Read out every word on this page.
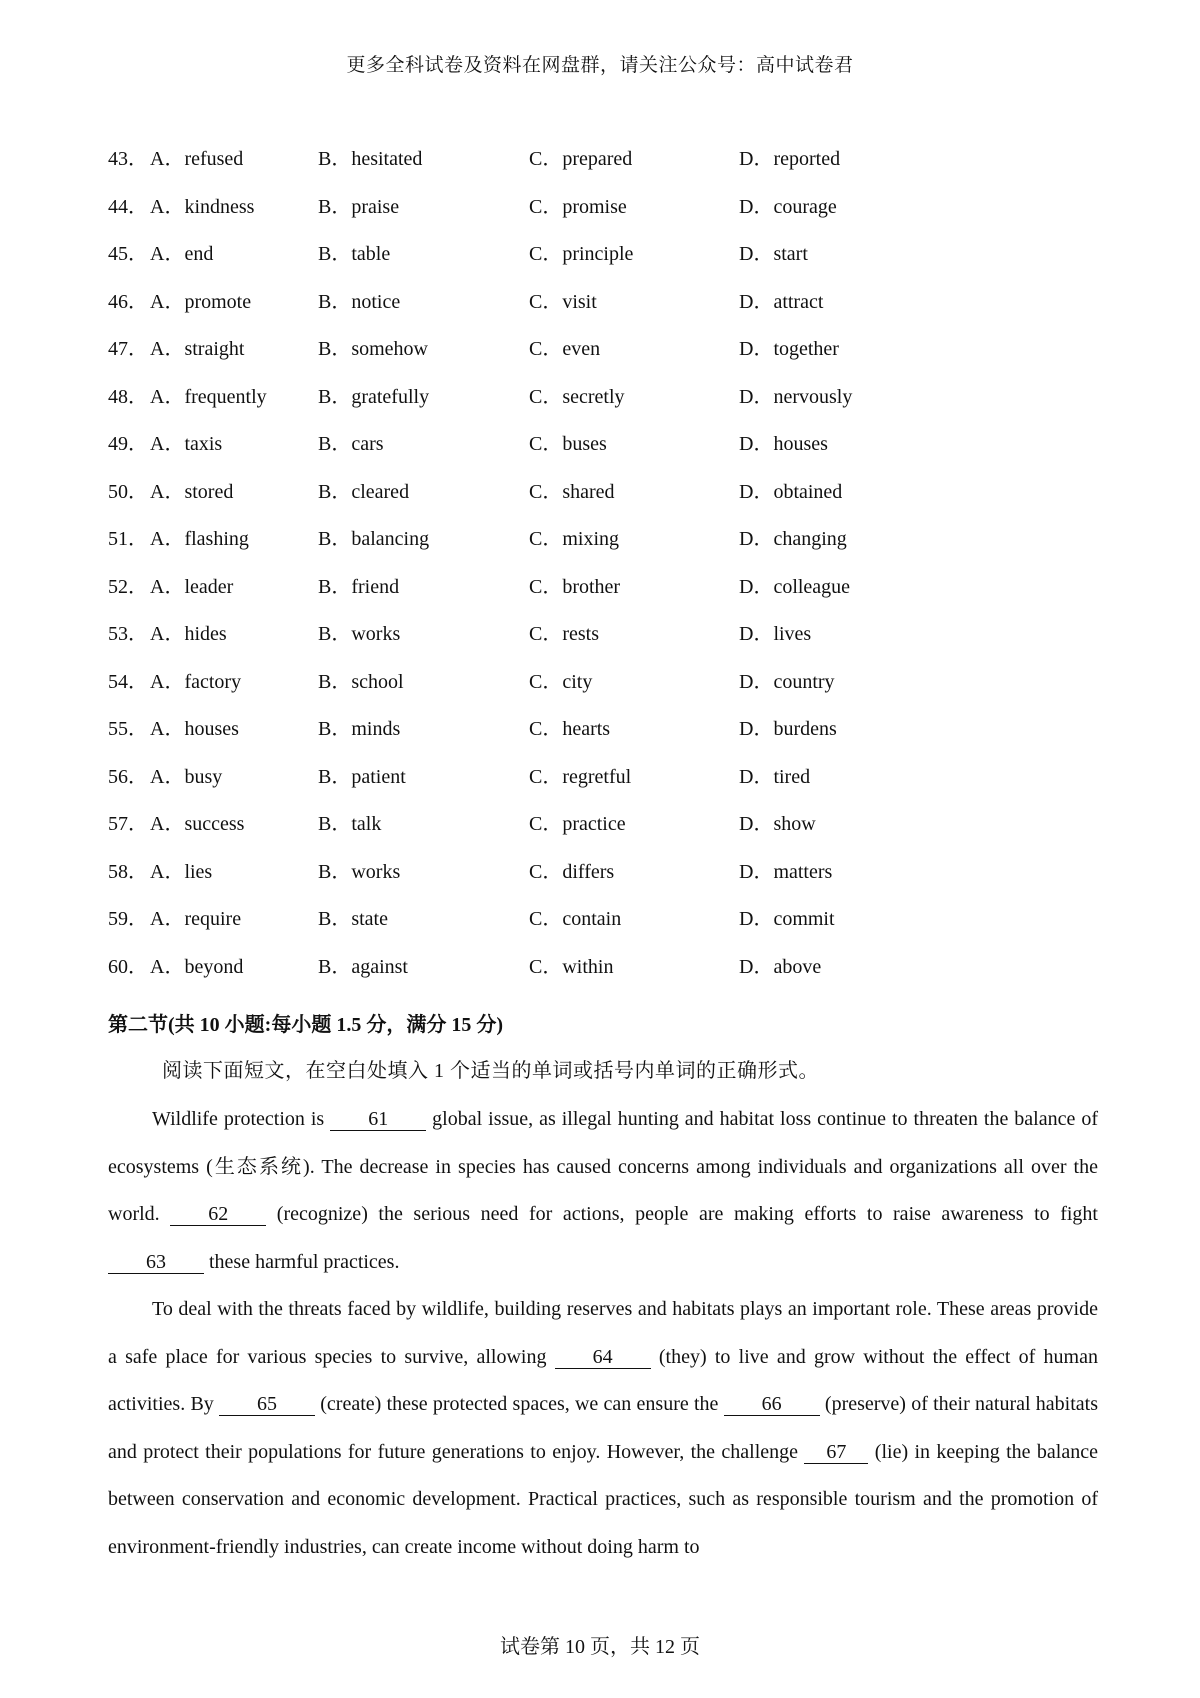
更多全科试卷及资料在网盘群，请关注公众号：高中试卷君
43． A．refused	B．hesitated	C．prepared	D．reported
44． A．kindness	B．praise	C．promise	D．courage
45． A．end	B．table	C．principle	D．start
46． A．promote	B．notice	C．visit	D．attract
47． A．straight	B．somehow	C．even	D．together
48． A．frequently	B．gratefully	C．secretly	D．nervously
49． A．taxis	B．cars	C．buses	D．houses
50． A．stored	B．cleared	C．shared	D．obtained
51． A．flashing	B．balancing	C．mixing	D．changing
52． A．leader	B．friend	C．brother	D．colleague
53． A．hides	B．works	C．rests	D．lives
54． A．factory	B．school	C．city	D．country
55． A．houses	B．minds	C．hearts	D．burdens
56． A．busy	B．patient	C．regretful	D．tired
57． A．success	B．talk	C．practice	D．show
58． A．lies	B．works	C．differs	D．matters
59． A．require	B．state	C．contain	D．commit
60． A．beyond	B．against	C．within	D．above
第二节(共 10 小题:每小题 1.5 分，满分 15 分)
阅读下面短文，在空白处填入 1 个适当的单词或括号内单词的正确形式。

Wildlife protection is 61 global issue, as illegal hunting and habitat loss continue to threaten the balance of ecosystems (生态系统). The decrease in species has caused concerns among individuals and organizations all over the world. 62 (recognize) the serious need for actions, people are making efforts to raise awareness to fight 63 these harmful practices.

To deal with the threats faced by wildlife, building reserves and habitats plays an important role. These areas provide a safe place for various species to survive, allowing 64 (they) to live and grow without the effect of human activities. By 65 (create) these protected spaces, we can ensure the 66 (preserve) of their natural habitats and protect their populations for future generations to enjoy. However, the challenge 67 (lie) in keeping the balance between conservation and economic development. Practical practices, such as responsible tourism and the promotion of environment-friendly industries, can create income without doing harm to

试卷第 10 页，共 12 页
